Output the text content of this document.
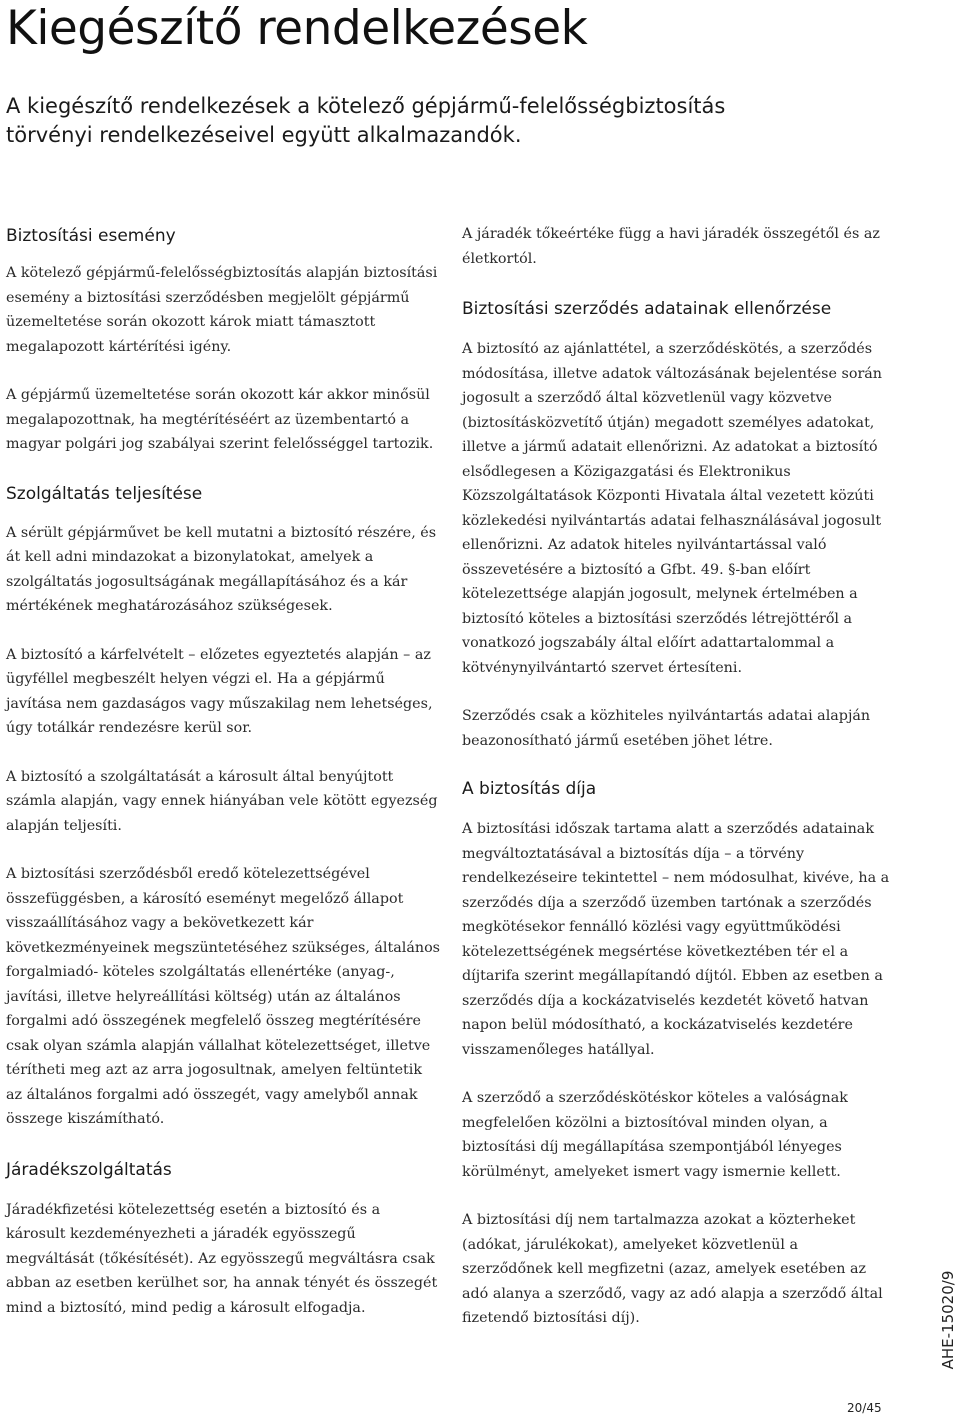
Kiegészítő rendelkezések

A kiegészítő rendelkezések a kötelező gépjármű-felelősségbiztosítás törvényi rendelkezéseivel együtt alkalmazandók.

Biztosítási esemény

A kötelező gépjármű-felelősségbiztosítás alapján biztosítási esemény a biztosítási szerződésben megjelölt gépjármű üzemeltetése során okozott károk miatt támasztott megalapozott kártérítési igény.

A gépjármű üzemeltetése során okozott kár akkor minősül megalapozottnak, ha megtérítéséért az üzembentartó a magyar polgári jog szabályai szerint felelősséggel tartozik.

Szolgáltatás teljesítése

A sérült gépjárművet be kell mutatni a biztosító részére, és át kell adni mindazokat a bizonylatokat, amelyek a szolgáltatás jogosultságának megállapításához és a kár mértékének meghatározásához szükségesek.

A biztosító a kárfelvételt – előzetes egyeztetés alapján – az ügyféllel megbeszélt helyen végzi el. Ha a gépjármű javítása nem gazdaságos vagy műszakilag nem lehetséges, úgy totálkár rendezésre kerül sor.

A biztosító a szolgáltatását a károsult által benyújtott számla alapján, vagy ennek hiányában vele kötött egyezség alapján teljesíti.

A biztosítási szerződésből eredő kötelezettségével összefüggésben, a károsító eseményt megelőző állapot visszaállításához vagy a bekövetkezett kár következményeinek megszüntetéséhez szükséges, általános forgalmiadó- köteles szolgáltatás ellenértéke (anyag-, javítási, illetve helyreállítási költség) után az általános forgalmi adó összegének megfelelő összeg megtérítésére csak olyan számla alapján vállalhat kötelezettséget, illetve térítheti meg azt az arra jogosultnak, amelyen feltüntetik az általános forgalmi adó összegét, vagy amelyből annak összege kiszámítható.

Járadékszolgáltatás

Járadékfizetési kötelezettség esetén a biztosító és a károsult kezdeményezheti a járadék egyösszegű megváltását (tőkésítését). Az egyösszegű megváltásra csak abban az esetben kerülhet sor, ha annak tényét és összegét mind a biztosító, mind pedig a károsult elfogadja.

A járadék tőkeértéke függ a havi járadék összegétől és az életkortól.

Biztosítási szerződés adatainak ellenőrzése

A biztosító az ajánlattétel, a szerződéskötés, a szerződés módosítása, illetve adatok változásának bejelentése során jogosult a szerződő által közvetlenül vagy közvetve (biztosításközvetítő útján) megadott személyes adatokat, illetve a jármű adatait ellenőrizni. Az adatokat a biztosító elsődlegesen a Közigazgatási és Elektronikus Közszolgáltatások Központi Hivatala által vezetett közúti közlekedési nyilvántartás adatai felhasználásával jogosult ellenőrizni. Az adatok hiteles nyilvántartással való összevetésére a biztosító a Gfbt. 49. §-ban előírt kötelezettsége alapján jogosult, melynek értelmében a biztosító köteles a biztosítási szerződés létrejöttéről a vonatkozó jogszabály által előírt adattartalommal a kötvénynyilvántartó szervet értesíteni.

Szerződés csak a közhiteles nyilvántartás adatai alapján beazonosítható jármű esetében jöhet létre.

A biztosítás díja

A biztosítási időszak tartama alatt a szerződés adatainak megváltoztatásával a biztosítás díja – a törvény rendelkezéseire tekintettel – nem módosulhat, kivéve, ha a szerződés díja a szerződő üzemben tartónak a szerződés megkötésekor fennálló közlési vagy együttműködési kötelezettségének megsértése következtében tér el a díjtarifa szerint megállapítandó díjtól. Ebben az esetben a szerződés díja a kockázatviselés kezdetét követő hatvan napon belül módosítható, a kockázatviselés kezdetére visszamenőleges hatállyal.

A szerződő a szerződéskötéskor köteles a valóságnak megfelelően közölni a biztosítóval minden olyan, a biztosítási díj megállapítása szempontjából lényeges körülményt, amelyeket ismert vagy ismernie kellett.

A biztosítási díj nem tartalmazza azokat a közterheket (adókat, járulékokat), amelyeket közvetlenül a szerződőnek kell megfizetni (azaz, amelyek esetében az adó alanya a szerződő, vagy az adó alapja a szerződő által fizetendő biztosítási díj).	AHE-15020/9
20/45
